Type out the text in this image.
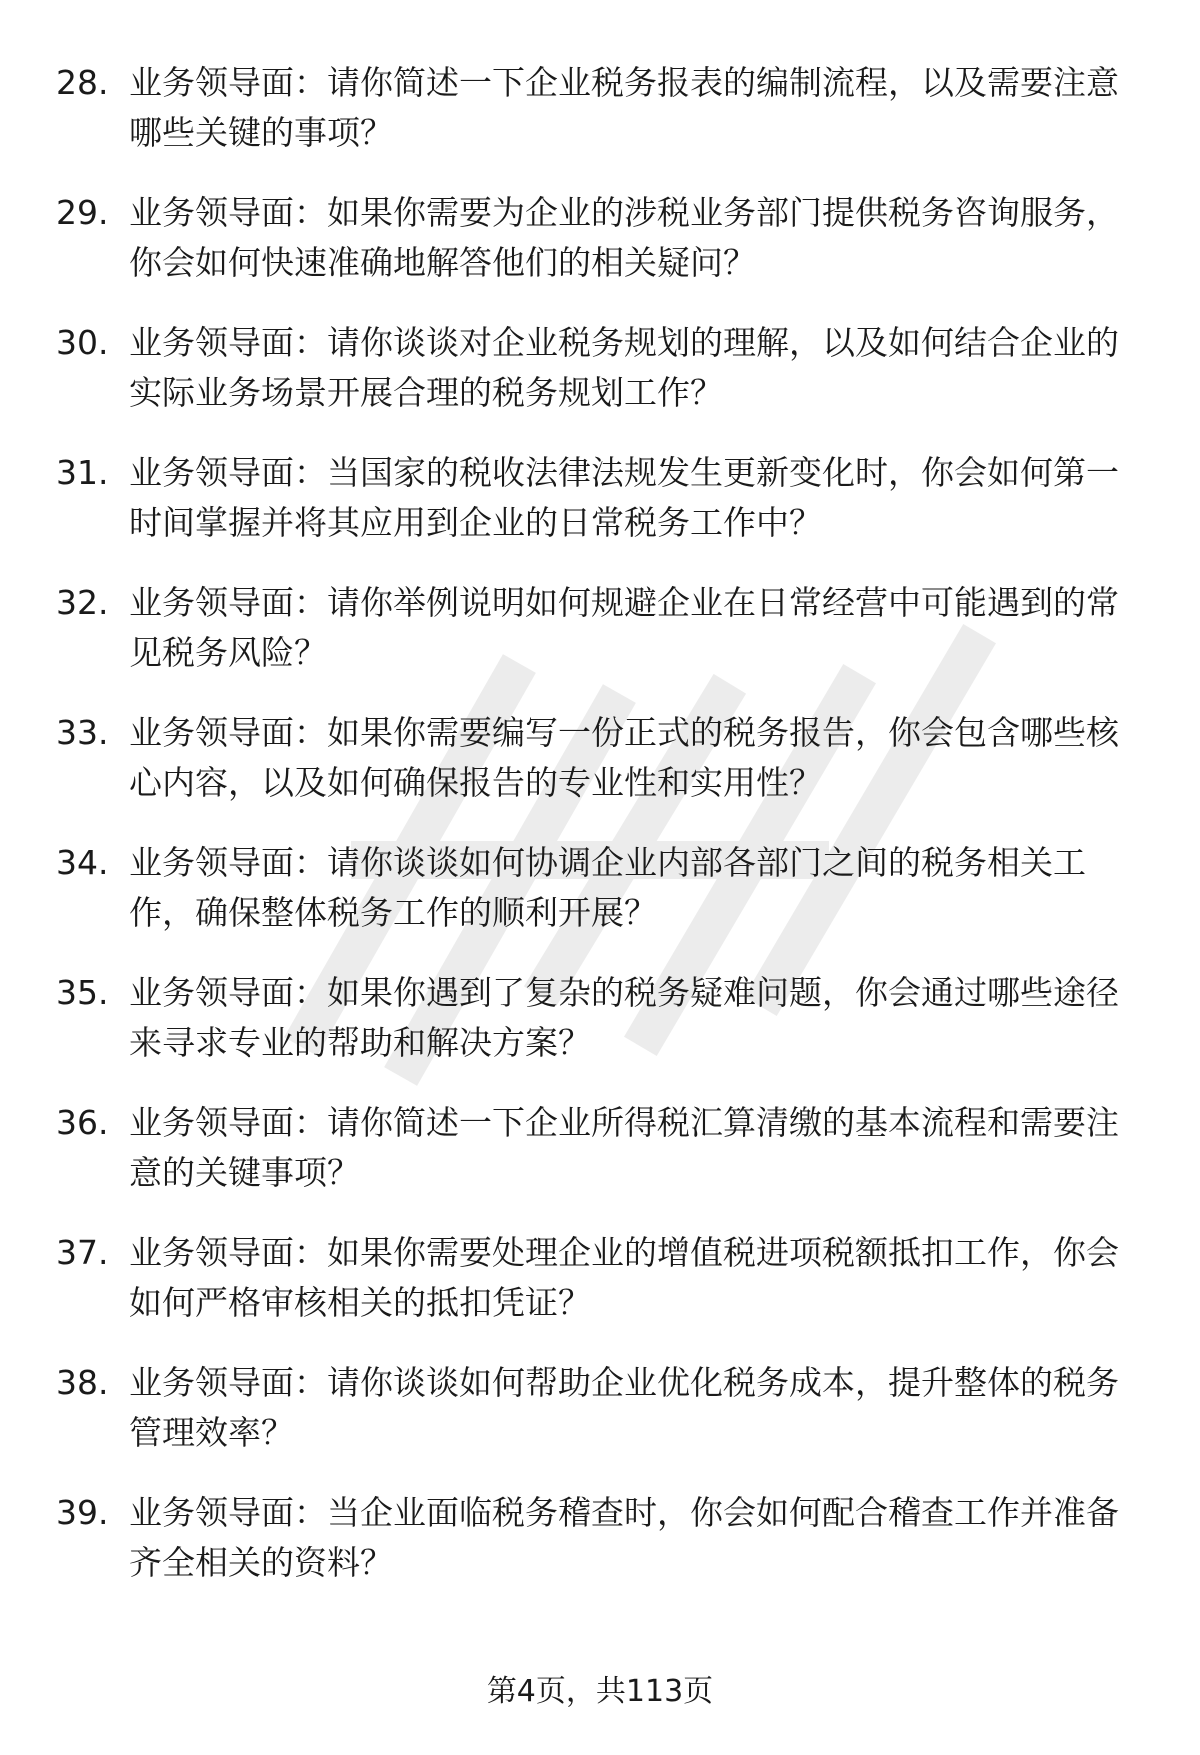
28. 业务领导面：请你简述一下企业税务报表的编制流程，以及需要注意哪些关键的事项？
29. 业务领导面：如果你需要为企业的涉税业务部门提供税务咨询服务，你会如何快速准确地解答他们的相关疑问？
30. 业务领导面：请你谈谈对企业税务规划的理解，以及如何结合企业的实际业务场景开展合理的税务规划工作？
31. 业务领导面：当国家的税收法律法规发生更新变化时，你会如何第一时间掌握并将其应用到企业的日常税务工作中？
32. 业务领导面：请你举例说明如何规避企业在日常经营中可能遇到的常见税务风险？
33. 业务领导面：如果你需要编写一份正式的税务报告，你会包含哪些核心内容，以及如何确保报告的专业性和实用性？
34. 业务领导面：请你谈谈如何协调企业内部各部门之间的税务相关工作，确保整体税务工作的顺利开展？
35. 业务领导面：如果你遇到了复杂的税务疑难问题，你会通过哪些途径来寻求专业的帮助和解决方案？
36. 业务领导面：请你简述一下企业所得税汇算清缴的基本流程和需要注意的关键事项？
37. 业务领导面：如果你需要处理企业的增值税进项税额抵扣工作，你会如何严格审核相关的抵扣凭证？
38. 业务领导面：请你谈谈如何帮助企业优化税务成本，提升整体的税务管理效率？
39. 业务领导面：当企业面临税务稽查时，你会如何配合稽查工作并准备齐全相关的资料？
第4页，共113页
